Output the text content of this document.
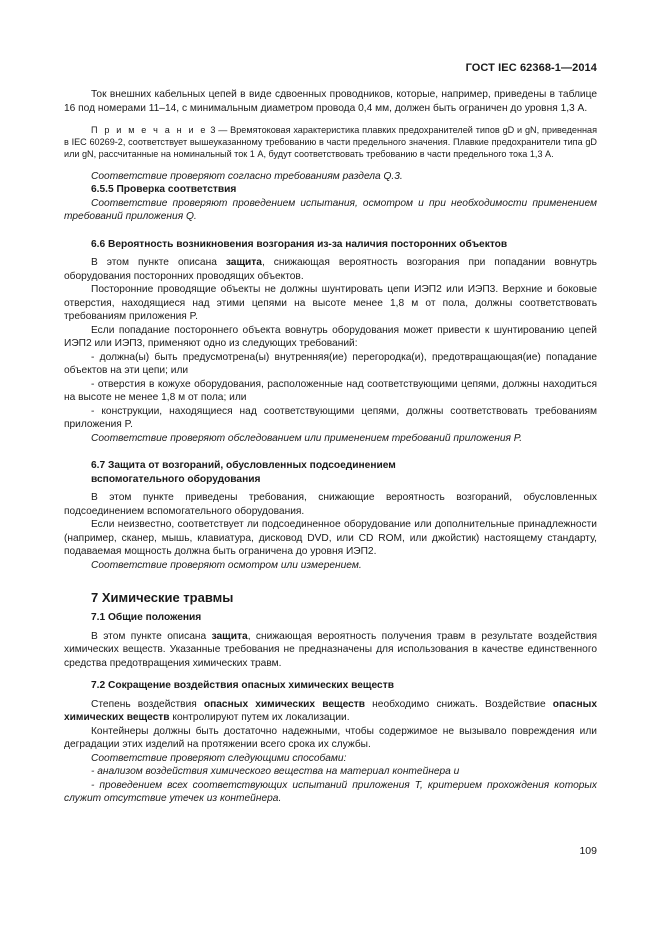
ГОСТ IEC 62368-1—2014

Ток внешних кабельных цепей в виде сдвоенных проводников, которые, например, приведены в таблице 16 под номерами 11–14, с минимальным диаметром провода 0,4 мм, должен быть ограничен до уровня 1,3 А.

П р и м е ч а н и е 3 — Времятоковая характеристика плавких предохранителей типов gD и gN, приведенная в IEC 60269-2, соответствует вышеуказанному требованию в части предельного значения. Плавкие предохранители типа gD или gN, рассчитанные на номинальный ток 1 А, будут соответствовать требованию в части предельного тока 1,3 А.

Соответствие проверяют согласно требованиям раздела Q.3.

6.5.5 Проверка соответствия

Соответствие проверяют проведением испытания, осмотром и при необходимости применением требований приложения Q.

6.6 Вероятность возникновения возгорания из-за наличия посторонних объектов

В этом пункте описана защита, снижающая вероятность возгорания при попадании вовнутрь оборудования посторонних проводящих объектов.

Посторонние проводящие объекты не должны шунтировать цепи ИЭП2 или ИЭП3. Верхние и боковые отверстия, находящиеся над этими цепями на высоте менее 1,8 м от пола, должны соответствовать требованиям приложения P.

Если попадание постороннего объекта вовнутрь оборудования может привести к шунтированию цепей ИЭП2 или ИЭП3, применяют одно из следующих требований:

- должна(ы) быть предусмотрена(ы) внутренняя(ие) перегородка(и), предотвращающая(ие) попадание объектов на эти цепи; или

- отверстия в кожухе оборудования, расположенные над соответствующими цепями, должны находиться на высоте не менее 1,8 м от пола; или

- конструкции, находящиеся над соответствующими цепями, должны соответствовать требованиям приложения P.

Соответствие проверяют обследованием или применением требований приложения P.

6.7 Защита от возгораний, обусловленных подсоединением

вспомогательного оборудования

В этом пункте приведены требования, снижающие вероятность возгораний, обусловленных подсоединением вспомогательного оборудования.

Если неизвестно, соответствует ли подсоединенное оборудование или дополнительные принадлежности (например, сканер, мышь, клавиатура, дисковод DVD, или CD ROM, или джойстик) настоящему стандарту, подаваемая мощность должна быть ограничена до уровня ИЭП2.

Соответствие проверяют осмотром или измерением.

7 Химические травмы

7.1 Общие положения

В этом пункте описана защита, снижающая вероятность получения травм в результате воздействия химических веществ. Указанные требования не предназначены для использования в качестве единственного средства предотвращения химических травм.

7.2 Сокращение воздействия опасных химических веществ

Степень воздействия опасных химических веществ необходимо снижать. Воздействие опасных химических веществ контролируют путем их локализации.

Контейнеры должны быть достаточно надежными, чтобы содержимое не вызывало повреждения или деградации этих изделий на протяжении всего срока их службы.

Соответствие проверяют следующими способами:

- анализом воздействия химического вещества на материал контейнера и

- проведением всех соответствующих испытаний приложения T, критерием прохождения которых служит отсутствие утечек из контейнера.

109
